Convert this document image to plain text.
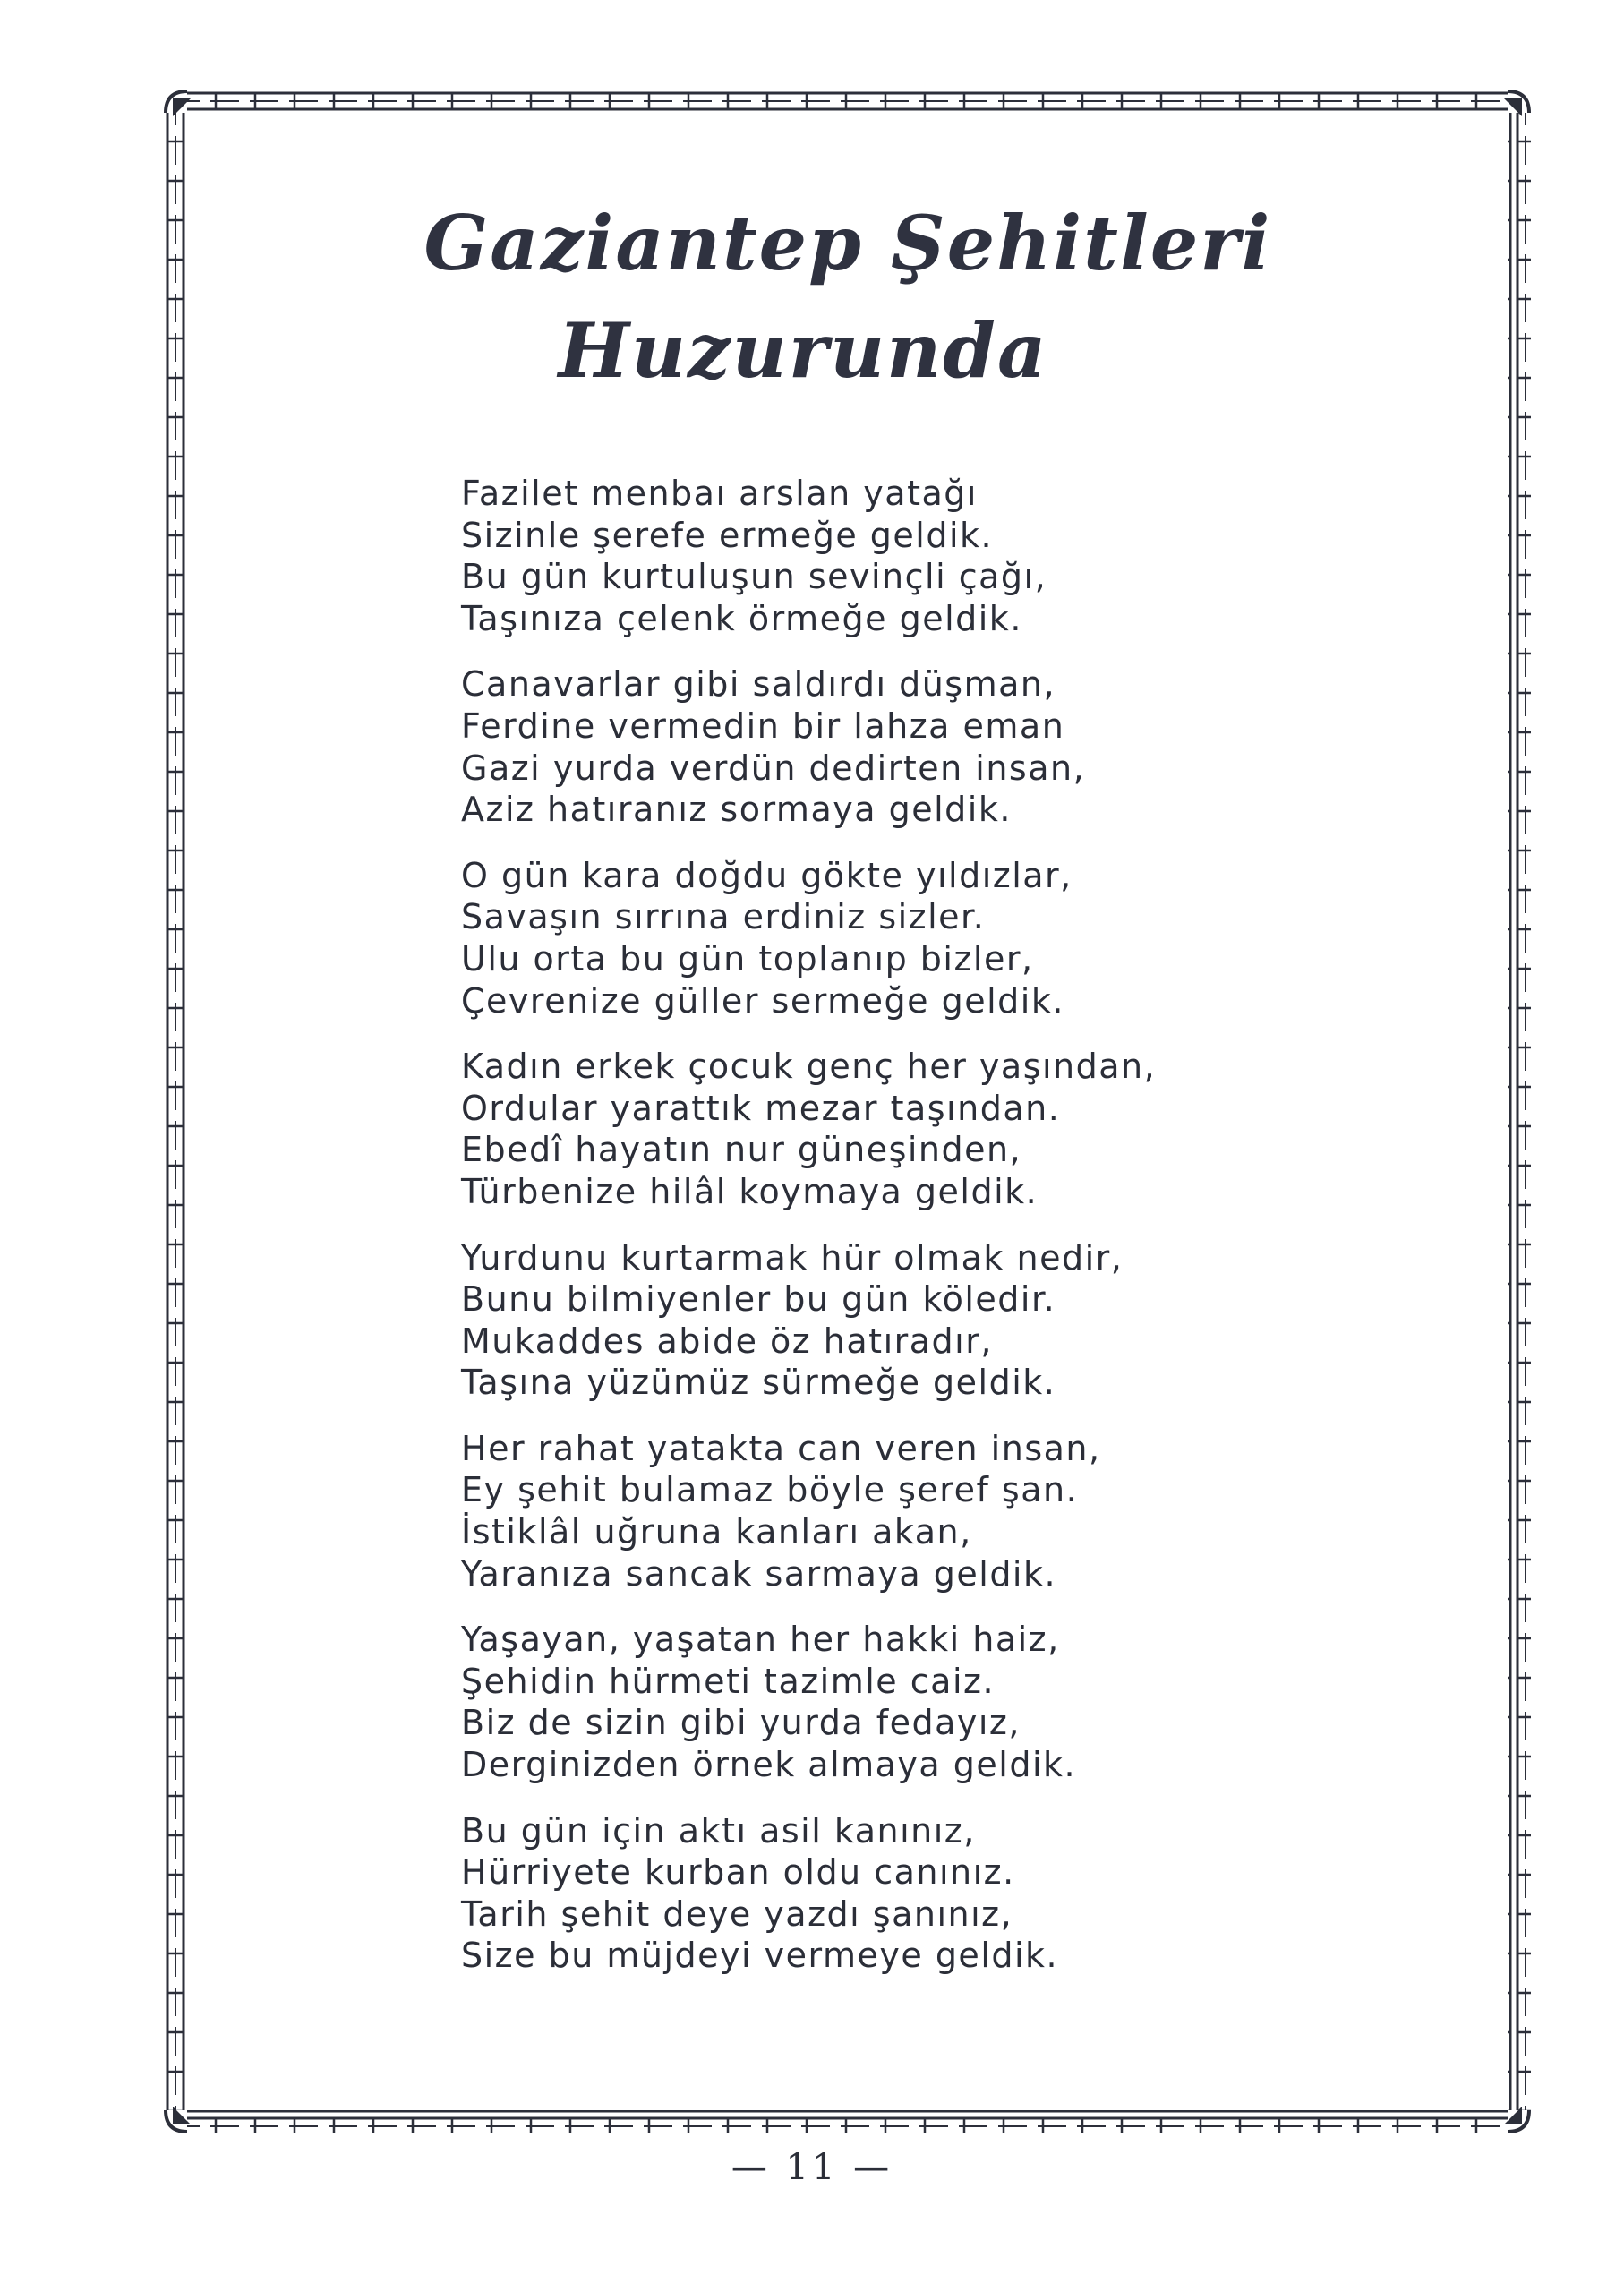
Gaziantep Şehitleri
Huzurunda
Fazilet menbaı arslan yatağı
Sizinle şerefe ermeğe geldik.
Bu gün kurtuluşun sevinçli çağı,
Taşınıza çelenk örmeğe geldik.
Canavarlar gibi saldırdı düşman,
Ferdine vermedin bir lahza eman
Gazi yurda verdün dedirten insan,
Aziz hatıranız sormaya geldik.
O gün kara doğdu gökte yıldızlar,
Savaşın sırrına erdiniz sizler.
Ulu orta bu gün toplanıp bizler,
Çevrenize güller sermeğe geldik.
Kadın erkek çocuk genç her yaşından,
Ordular yarattık mezar taşından.
Ebedî hayatın nur güneşinden,
Türbenize hilâl koymaya geldik.
Yurdunu kurtarmak hür olmak nedir,
Bunu bilmiyenler bu gün köledir.
Mukaddes abide öz hatıradır,
Taşına yüzümüz sürmeğe geldik.
Her rahat yatakta can veren insan,
Ey şehit bulamaz böyle şeref şan.
İstiklâl uğruna kanları akan,
Yaranıza sancak sarmaya geldik.
Yaşayan, yaşatan her hakki haiz,
Şehidin hürmeti tazimle caiz.
Biz de sizin gibi yurda fedayız,
Derginizden örnek almaya geldik.
Bu gün için aktı asil kanınız,
Hürriyete kurban oldu canınız.
Tarih şehit deye yazdı şanınız,
Size bu müjdeyi vermeye geldik.
— 11 —
